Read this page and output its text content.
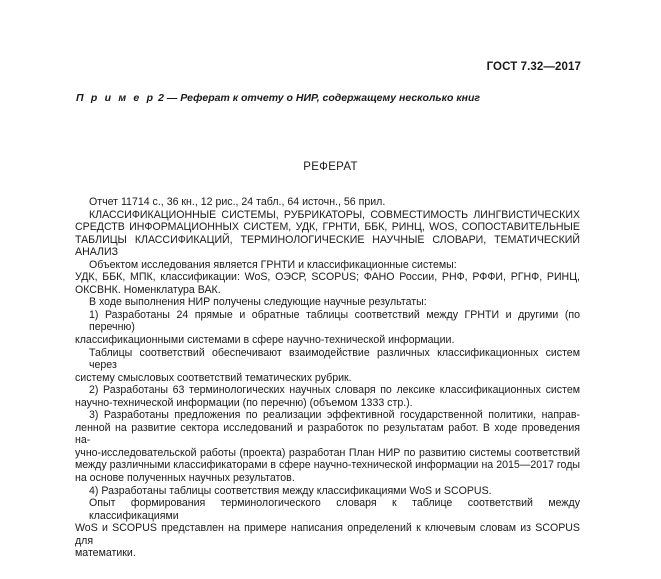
ГОСТ 7.32—2017
П р и м е р 2 — Реферат к отчету о НИР, содержащему несколько книг
РЕФЕРАТ
Отчет 11714 с., 36 кн., 12 рис., 24 табл., 64 источн., 56 прил.
КЛАССИФИКАЦИОННЫЕ СИСТЕМЫ, РУБРИКАТОРЫ, СОВМЕСТИМОСТЬ ЛИНГВИСТИЧЕСКИХ
СРЕДСТВ ИНФОРМАЦИОННЫХ СИСТЕМ, УДК, ГРНТИ, ББК, РИНЦ, WOS, СОПОСТАВИТЕЛЬНЫЕ
ТАБЛИЦЫ КЛАССИФИКАЦИЙ, ТЕРМИНОЛОГИЧЕСКИЕ НАУЧНЫЕ СЛОВАРИ, ТЕМАТИЧЕСКИЙ
АНАЛИЗ
Объектом исследования является ГРНТИ и классификационные системы:
УДК, ББК, МПК, классификации: WoS, ОЭСР, SCOPUS; ФАНО России, РНФ, РФФИ, РГНФ, РИНЦ,
ОКСВНК. Номенклатура ВАК.
В ходе выполнения НИР получены следующие научные результаты:
1) Разработаны 24 прямые и обратные таблицы соответствий между ГРНТИ и другими (по перечню)
классификационными системами в сфере научно-технической информации.
Таблицы соответствий обеспечивают взаимодействие различных классификационных систем через
систему смысловых соответствий тематических рубрик.
2) Разработаны 63 терминологических научных словаря по лексике классификационных систем
научно-технической информации (по перечню) (объемом 1333 стр.).
3) Разработаны предложения по реализации эффективной государственной политики, направ-
ленной на развитие сектора исследований и разработок по результатам работ. В ходе проведения на-
учно-исследовательской работы (проекта) разработан План НИР по развитию системы соответствий
между различными классификаторами в сфере научно-технической информации на 2015—2017 годы
на основе полученных научных результатов.
4) Разработаны таблицы соответствия между классификациями WoS и SCOPUS.
Опыт формирования терминологического словаря к таблице соответствий между классификациями
WoS и SCOPUS представлен на примере написания определений к ключевым словам из SCOPUS для
математики.
